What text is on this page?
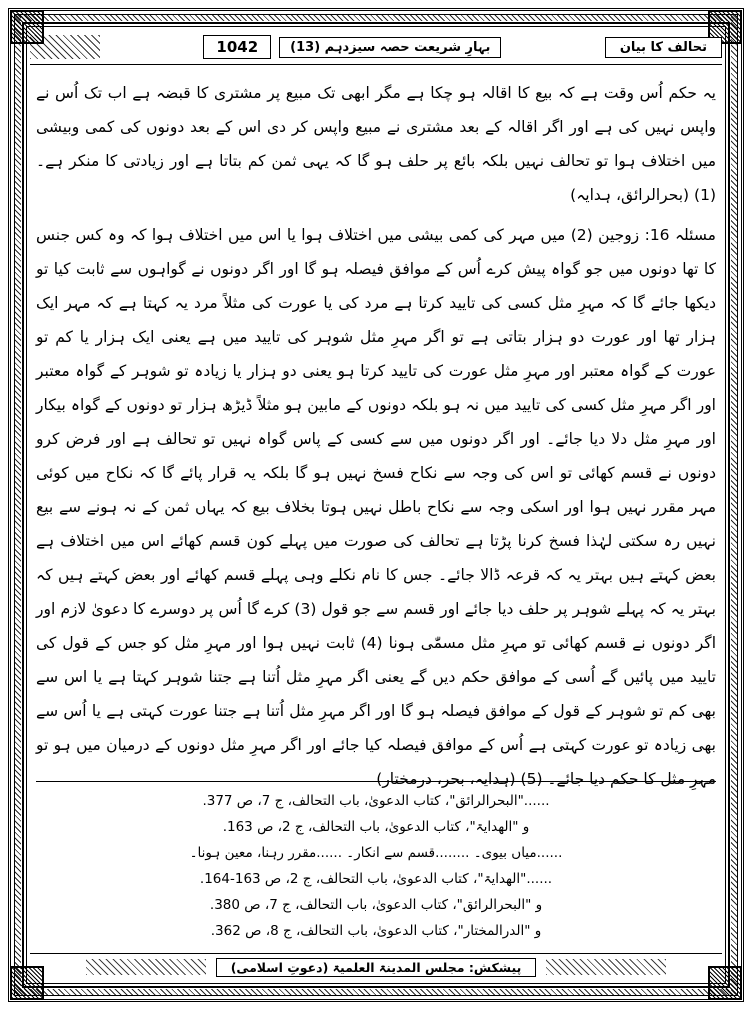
بہارِ شریعت حصہ سیزدہم (13)
1042	تحالف کا بیان

یہ حکم اُس وقت ہے کہ بیع کا اقالہ ہو چکا ہے مگر ابھی تک مبیع پر مشتری کا قبضہ ہے اب تک اُس نے واپس نہیں کی ہے اور اگر اقالہ کے بعد مشتری نے مبیع واپس کر دی اس کے بعد دونوں کی کمی وبیشی میں اختلاف ہوا تو تحالف نہیں بلکہ بائع پر حلف ہو گا کہ یہی ثمن کم بتاتا ہے اور زیادتی کا منکر ہے۔ (1) (بحرالرائق، ہدایہ)

مسئلہ 16: زوجین (2) میں مہر کی کمی بیشی میں اختلاف ہوا یا اس میں اختلاف ہوا کہ وہ کس جنس کا تھا دونوں میں جو گواہ پیش کرے اُس کے موافق فیصلہ ہو گا اور اگر دونوں نے گواہوں سے ثابت کیا تو دیکھا جائے گا کہ مہرِ مثل کسی کی تایید کرتا ہے مرد کی یا عورت کی مثلاً مرد یہ کہتا ہے کہ مہر ایک ہزار تھا اور عورت دو ہزار بتاتی ہے تو اگر مہرِ مثل شوہر کی تایید میں ہے یعنی ایک ہزار یا کم تو عورت کے گواہ معتبر اور مہرِ مثل عورت کی تایید کرتا ہو یعنی دو ہزار یا زیادہ تو شوہر کے گواہ معتبر اور اگر مہرِ مثل کسی کی تایید میں نہ ہو بلکہ دونوں کے مابین ہو مثلاً ڈیڑھ ہزار تو دونوں کے گواہ بیکار اور مہرِ مثل دلا دیا جائے۔ اور اگر دونوں میں سے کسی کے پاس گواہ نہیں تو تحالف ہے اور فرض کرو دونوں نے قسم کھائی تو اس کی وجہ سے نکاح فسخ نہیں ہو گا بلکہ یہ قرار پائے گا کہ نکاح میں کوئی مہر مقرر نہیں ہوا اور اسکی وجہ سے نکاح باطل نہیں ہوتا بخلاف بیع کہ یہاں ثمن کے نہ ہونے سے بیع نہیں رہ سکتی لہٰذا فسخ کرنا پڑتا ہے تحالف کی صورت میں پہلے کون قسم کھائے اس میں اختلاف ہے بعض کہتے ہیں بہتر یہ کہ قرعہ ڈالا جائے۔ جس کا نام نکلے وہی پہلے قسم کھائے اور بعض کہتے ہیں کہ بہتر یہ کہ پہلے شوہر پر حلف دیا جائے اور قسم سے جو قول (3) کرے گا اُس پر دوسرے کا دعویٰ لازم اور اگر دونوں نے قسم کھائی تو مہرِ مثل مسمّٰی ہونا (4) ثابت نہیں ہوا اور مہرِ مثل کو جس کے قول کی تایید میں پائیں گے اُسی کے موافق حکم دیں گے یعنی اگر مہرِ مثل اُتنا ہے جتنا شوہر کہتا ہے یا اس سے بھی کم تو شوہر کے قول کے موافق فیصلہ ہو گا اور اگر مہرِ مثل اُتنا ہے جتنا عورت کہتی ہے یا اُس سے بھی زیادہ تو عورت کہتی ہے اُس کے موافق فیصلہ کیا جائے اور اگر مہرِ مثل دونوں کے درمیان میں ہو تو مہرِ مثل کا حکم دیا جائے۔ (5) (ہدایہ، بحر، درمختار)

......"البحرالرائق"، کتاب الدعویٰ، باب التحالف، ج 7، ص 377.

و "الھدایۃ"، کتاب الدعویٰ، باب التحالف، ج 2، ص 163.

......میاں بیوی۔ ........قسم سے انکار۔ ......مقرر رہنا، معین ہونا۔

......"الھدایۃ"، کتاب الدعویٰ، باب التحالف، ج 2، ص 163-164.

و "البحرالرائق"، کتاب الدعویٰ، باب التحالف، ج 7، ص 380.

و "الدرالمختار"، کتاب الدعویٰ، باب التحالف، ج 8، ص 362.

پیشکش: مجلس المدینۃ العلمیۃ (دعوتِ اسلامی)
